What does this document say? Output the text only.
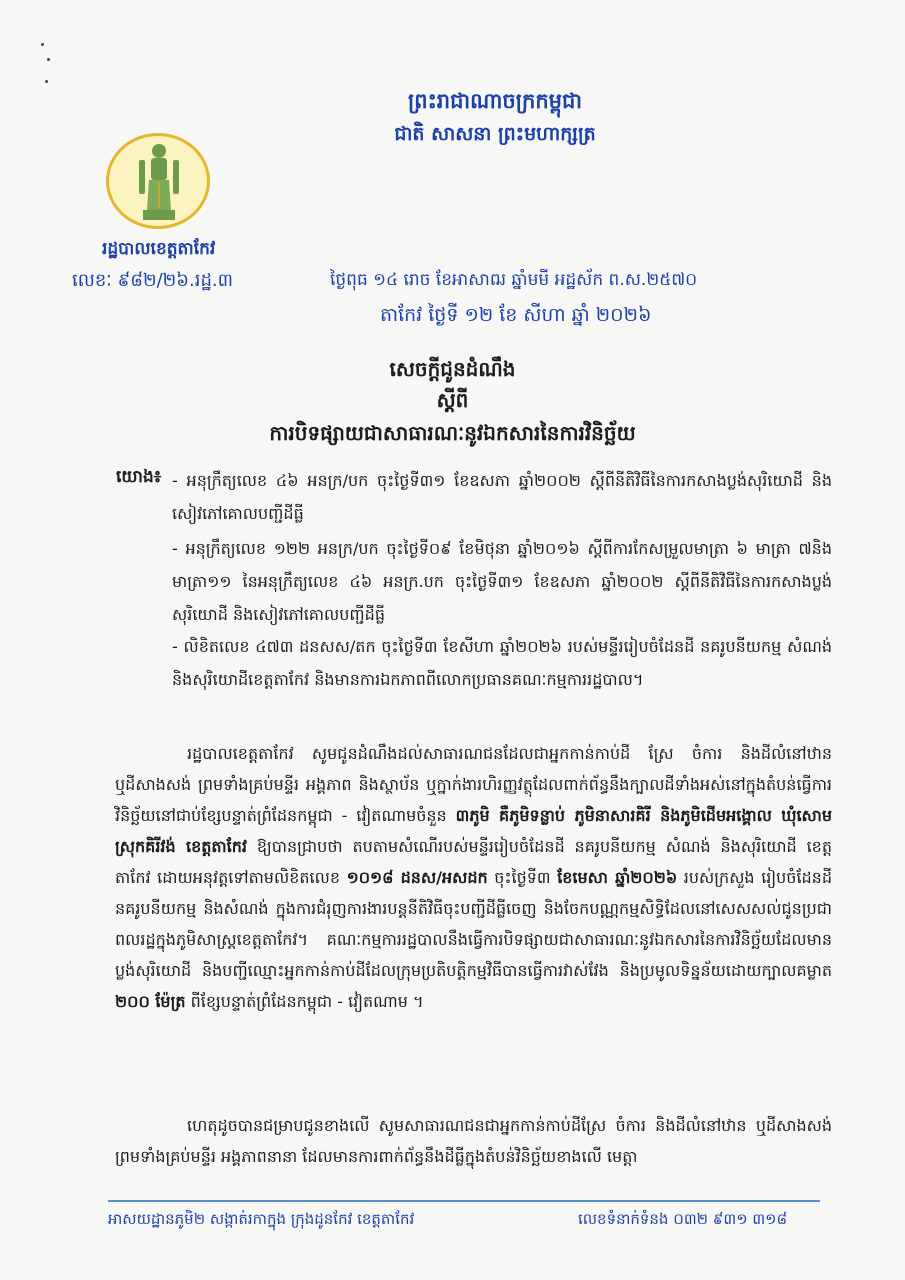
ព្រះរាជាណាចក្រកម្ពុជា
ជាតិ សាសនា ព្រះមហាក្សត្រ
រដ្ឋបាលខេត្តតាកែវ
លេខៈ ៩៨២/២៦.រដ្ឋ.៣	ថ្ងៃពុធ ១៤ រោច ខែអាសាឍ ឆ្នាំមមី អដ្ឋស័ក ព.ស.២៥៧០
តាកែវ ថ្ងៃទី ១២ ខែ សីហា ឆ្នាំ ២០២៦
សេចក្តីជូនដំណឹង
ស្តីពី
ការបិទផ្សាយជាសាធារណៈនូវឯកសារនៃការវិនិច្ឆ័យ
យោង៖ - អនុក្រឹត្យលេខ ៤៦ អនក្រ/បក ចុះថ្ងៃទី៣១ ខែឧសភា ឆ្នាំ២០០២ ស្តីពីនីតិវិធីនៃការកសាងប្លង់សុរិយោដី និងសៀវភៅគោលបញ្ជីដីធ្លី
- អនុក្រឹត្យលេខ ១២២ អនក្រ/បក ចុះថ្ងៃទី០៩ ខែមិថុនា ឆ្នាំ២០១៦ ស្តីពីការកែសម្រួលមាត្រា ៦ មាត្រា ៧និងមាត្រា១១ នៃអនុក្រឹត្យលេខ ៤៦ អនក្រ.បក ចុះថ្ងៃទី៣១ ខែឧសភា ឆ្នាំ២០០២ ស្តីពីនីតិវិធីនៃការកសាងប្លង់សុរិយោដី និងសៀវភៅគោលបញ្ជីដីធ្លី
- លិខិតលេខ ៤៧៣ ដនសស/តក ចុះថ្ងៃទី៣ ខែសីហា ឆ្នាំ២០២៦ របស់មន្ទីររៀបចំដែនដី នគរូបនីយកម្ម សំណង់ និងសុរិយោដីខេត្តតាកែវ និងមានការឯកភាពពីលោកប្រធានគណៈកម្មការរដ្ឋបាល។
រដ្ឋបាលខេត្តតាកែវ សូមជូនដំណឹងដល់សាធារណជនដែលជាអ្នកកាន់កាប់ដី ស្រែ ចំការ និងដីលំនៅឋាន ឬដីសាងសង់ ព្រមទាំងគ្រប់មន្ទីរ អង្គភាព និងស្ថាប័ន ឬក្នាក់ងារហិរញ្ញវត្ថុដែលពាក់ព័ន្ធនឹងក្បាលដីទាំងអស់នៅក្នុងតំបន់ធ្វើការវិនិច្ឆ័យនៅជាប់ខ្សែបន្ទាត់ព្រំដែនកម្ពុជា - វៀតណាមចំនួន ៣ភូមិ គឺភូមិទន្លាប់ ភូមិនាសារគិរី និងភូមិដើមអង្គោល ឃុំសោម ស្រុកគិរីវង់ ខេត្តតាកែវ ឱ្យបានជ្រាបថា តបតាមសំណើរបស់មន្ទីររៀបចំដែនដី នគរូបនីយកម្ម សំណង់ និងសុរិយោដី ខេត្តតាកែវ ដោយអនុវត្តទៅតាមលិខិតលេខ ១០១៨ ដនស/អសដក ចុះថ្ងៃទី៣ ខែមេសា ឆ្នាំ២០២៦ របស់ក្រសួង រៀបចំដែនដី នគរូបនីយកម្ម និងសំណង់ ក្នុងការជំរុញការងារបន្តនីតិវិធីចុះបញ្ជីដីធ្លីចេញ និងចែកបណ្ណកម្មសិទ្ធិដែលនៅសេសសល់ជូនប្រជាពលរដ្ឋក្នុងភូមិសាស្ត្រខេត្តតាកែវ។ គណៈកម្មការរដ្ឋបាលនឹងធ្វើការបិទផ្សាយជាសាធារណៈនូវឯកសារនៃការវិនិច្ឆ័យដែលមានប្លង់សុរិយោដី និងបញ្ជីឈ្មោះអ្នកកាន់កាប់ដីដែលក្រុមប្រតិបត្តិកម្មវិធីបានធ្វើការវាស់វែង និងប្រមូលទិន្នន័យដោយក្បាលគម្លាត ២០០ ម៉ែត្រ ពីខ្សែបន្ទាត់ព្រំដែនកម្ពុជា - វៀតណាម ។
ហេតុដូចបានជម្រាបជូនខាងលើ សូមសាធារណជនជាអ្នកកាន់កាប់ដីស្រែ ចំការ និងដីលំនៅឋាន ឬដីសាងសង់ ព្រមទាំងគ្រប់មន្ទីរ អង្គភាពនានា ដែលមានការពាក់ព័ន្ធនឹងដីធ្លីក្នុងតំបន់វិនិច្ឆ័យខាងលើ មេត្តា
អាសយដ្ឋានភូមិ២ សង្កាត់រកាក្នុង ក្រុងដូនកែវ ខេត្តតាកែវ	លេខទំនាក់ទំនង ០៣២ ៩៣១ ៣១៨
